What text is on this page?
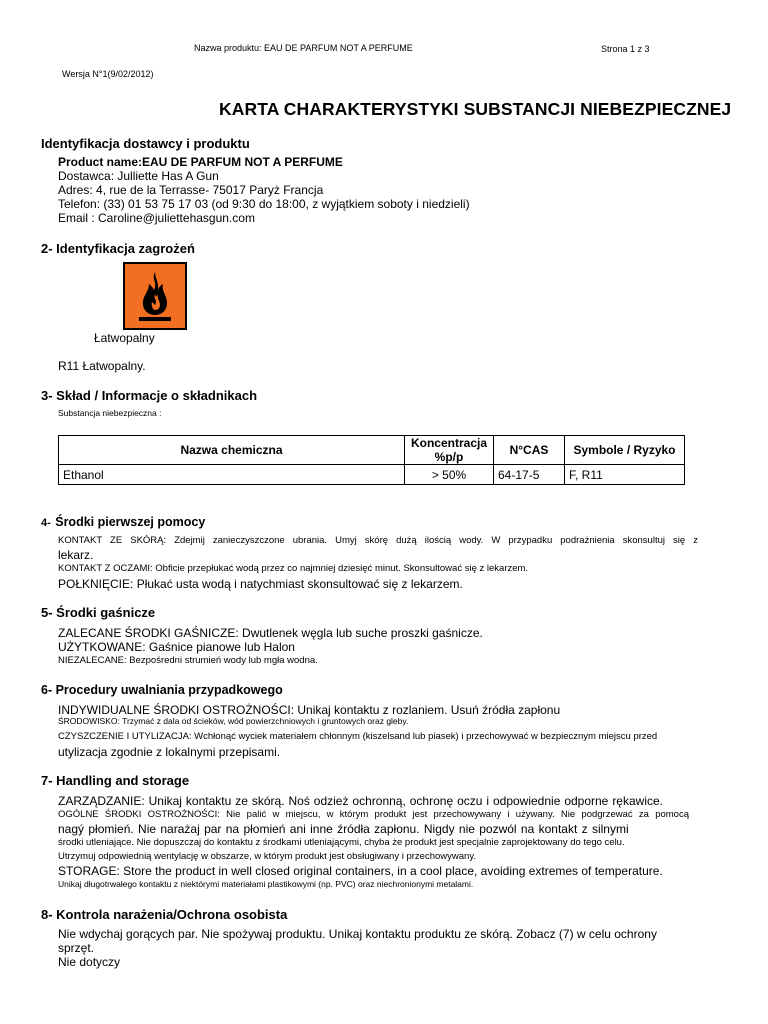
Nazwa produktu: EAU DE PARFUM NOT A PERFUME	Strona 1 z 3
Wersja N°1(9/02/2012)
KARTA CHARAKTERYSTYKI SUBSTANCJI NIEBEZPIECZNEJ
Identyfikacja dostawcy i produktu
Product name:EAU DE PARFUM NOT A PERFUME
Dostawca: Julliette Has A Gun
Adres: 4, rue de la Terrasse- 75017 Paryż Francja
Telefon: (33) 01 53 75 17 03 (od 9:30 do 18:00, z wyjątkiem soboty i niedzieli)
Email : Caroline@juliettehasgun.com
2- Identyfikacja zagrożeń
Łatwopalny
R11 Łatwopalny.
3- Skład / Informacje o składnikach
Substancja niebezpieczna :
Nazwa chemiczna	Koncentracja %p/p	N°CAS	Symbole / Ryzyko
Ethanol	> 50%	64-17-5	F, R11
4- Środki pierwszej pomocy
KONTAKT ZE SKÓRĄ: Zdejmij zanieczyszczone ubrania. Umyj skórę dużą ilością wody. W przypadku podrażnienia skonsultuj się z
lekarz.
KONTAKT Z OCZAMI: Obficie przepłukać wodą przez co najmniej dziesięć minut. Skonsultować się z lekarzem.
POŁKNIĘCIE: Płukać usta wodą i natychmiast skonsultować się z lekarzem.
5- Środki gaśnicze
ZALECANE ŚRODKI GAŚNICZE: Dwutlenek węgla lub suche proszki gaśnicze.
UŻYTKOWANE: Gaśnice pianowe lub Halon
NIEZALECANE: Bezpośredni strumień wody lub mgła wodna.
6- Procedury uwalniania przypadkowego
INDYWIDUALNE ŚRODKI OSTROŻNOŚCI: Unikaj kontaktu z rozlaniem. Usuń źródła zapłonu
ŚRODOWISKO: Trzymać z dala od ścieków, wód powierzchniowych i gruntowych oraz gleby.
CZYSZCZENIE I UTYLIZACJA: Wchłonąć wyciek materiałem chłonnym (kiszelsand lub piasek) i przechowywać w bezpiecznym miejscu przed
utylizacja zgodnie z lokalnymi przepisami.
7- Handling and storage
ZARZĄDZANIE: Unikaj kontaktu ze skórą. Noś odzież ochronną, ochronę oczu i odpowiednie odporne rękawice.
OGÓLNE ŚRODKI OSTROŻNOŚCI: Nie palić w miejscu, w którym produkt jest przechowywany i używany. Nie podgrzewać za pomocą
nagý płomień. Nie narażaj par na płomień ani inne źródła zapłonu. Nigdy nie pozwól na kontakt z silnymi
środki utleniające. Nie dopuszczaj do kontaktu z środkami utleniającymi, chyba że produkt jest specjalnie zaprojektowany do tego celu.
Utrzymuj odpowiednią wentylację w obszarze, w którym produkt jest obsługiwany i przechowywany.
STORAGE: Store the product in well closed original containers, in a cool place, avoiding extremes of temperature.
Unikaj długotrwałego kontaktu z niektórymi materiałami plastikowymi (np. PVC) oraz niechronionymi metalami.
8- Kontrola narażenia/Ochrona osobista
Nie wdychaj gorących par. Nie spożywaj produktu. Unikaj kontaktu produktu ze skórą. Zobacz (7) w celu ochrony
sprzęt.
Nie dotyczy
